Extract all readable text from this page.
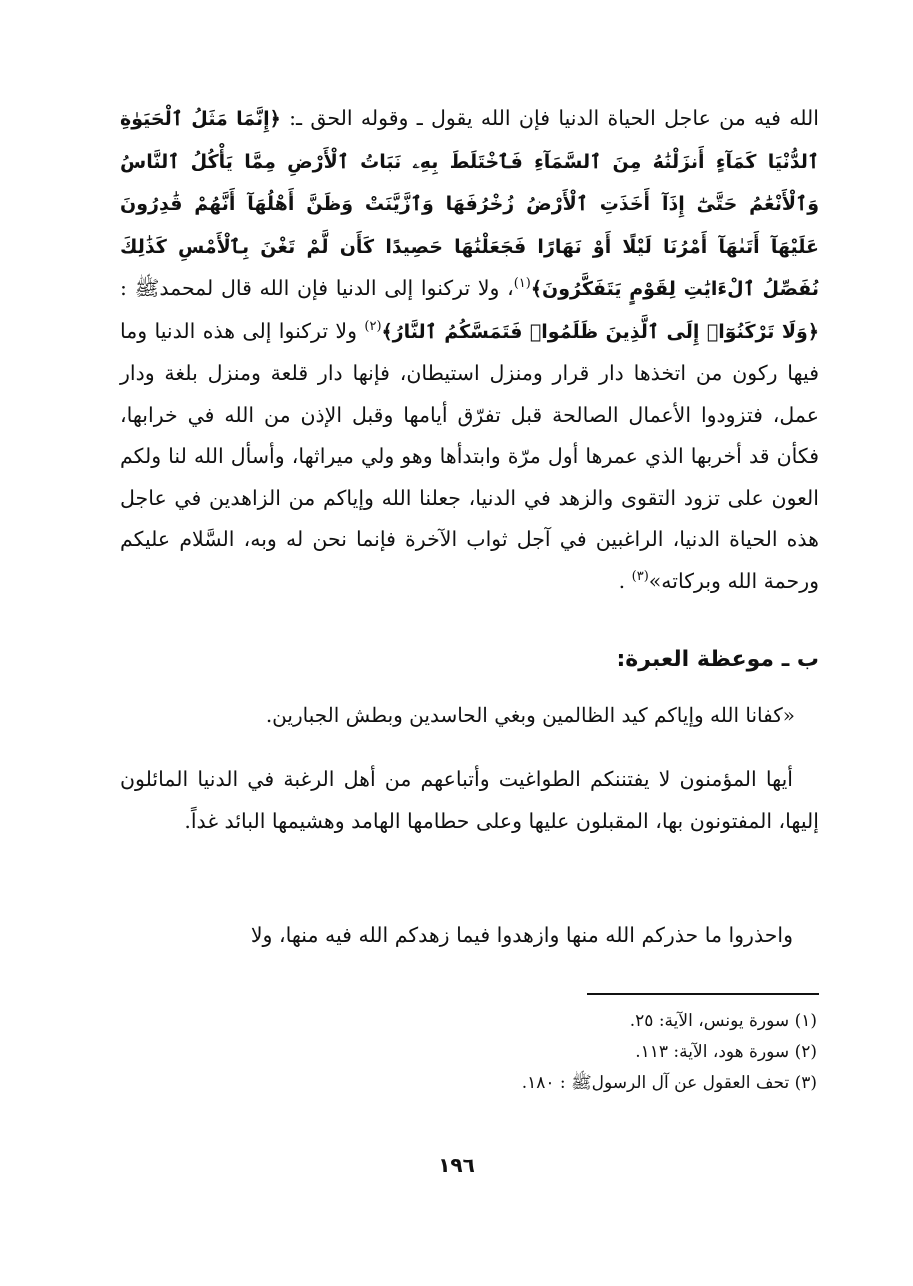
الله فيه من عاجل الحياة الدنيا فإن الله يقول ـ وقوله الحق ـ: ﴿إِنَّمَا مَثَلُ ٱلْحَيَوٰةِ ٱلدُّنْيَا كَمَآءٍ أَنزَلْنَٰهُ مِنَ ٱلسَّمَآءِ فَٱخْتَلَطَ بِهِۦ نَبَاتُ ٱلْأَرْضِ مِمَّا يَأْكُلُ ٱلنَّاسُ وَٱلْأَنْعَٰمُ حَتَّىٰٓ إِذَآ أَخَذَتِ ٱلْأَرْضُ زُخْرُفَهَا وَٱزَّيَّنَتْ وَظَنَّ أَهْلُهَآ أَنَّهُمْ قَٰدِرُونَ عَلَيْهَآ أَتَىٰهَآ أَمْرُنَا لَيْلًا أَوْ نَهَارًا فَجَعَلْنَٰهَا حَصِيدًا كَأَن لَّمْ تَغْنَ بِٱلْأَمْسِ كَذَٰلِكَ نُفَصِّلُ ٱلْءَايَٰتِ لِقَوْمٍ يَتَفَكَّرُونَ﴾$^{(١)}$، ولا تركنوا إلى الدنيا فإن الله قال لمحمدﷺ : ﴿وَلَا تَرْكَنُوٓا۟ إِلَى ٱلَّذِينَ ظَلَمُوا۟ فَتَمَسَّكُمُ ٱلنَّارُ﴾$^{(٢)}$ ولا تركنوا إلى هذه الدنيا وما فيها ركون من اتخذها دار قرار ومنزل استيطان، فإنها دار قلعة ومنزل بلغة ودار عمل، فتزودوا الأعمال الصالحة قبل تفرّق أيامها وقبل الإذن من الله في خرابها، فكأن قد أخربها الذي عمرها أول مرّة وابتدأها وهو ولي ميراثها، وأسأل الله لنا ولكم العون على تزود التقوى والزهد في الدنيا، جعلنا الله وإياكم من الزاهدين في عاجل هذه الحياة الدنيا، الراغبين في آجل ثواب الآخرة فإنما نحن له وبه، السَّلام عليكم ورحمة الله وبركاته»$^{(٣)}$ .

ب ـ موعظة العبرة:

«كفانا الله وإياكم كيد الظالمين وبغي الحاسدين وبطش الجبارين.

أيها المؤمنون لا يفتننكم الطواغيت وأتباعهم من أهل الرغبة في الدنيا المائلون إليها، المفتونون بها، المقبلون عليها وعلى حطامها الهامد وهشيمها البائد غداً.

واحذروا ما حذركم الله منها وازهدوا فيما زهدكم الله فيه منها، ولا

(١) سورة يونس، الآية: ٢٥.
(٢) سورة هود، الآية: ١١٣.
(٣) تحف العقول عن آل الرسولﷺ : ١٨٠.
١٩٦
